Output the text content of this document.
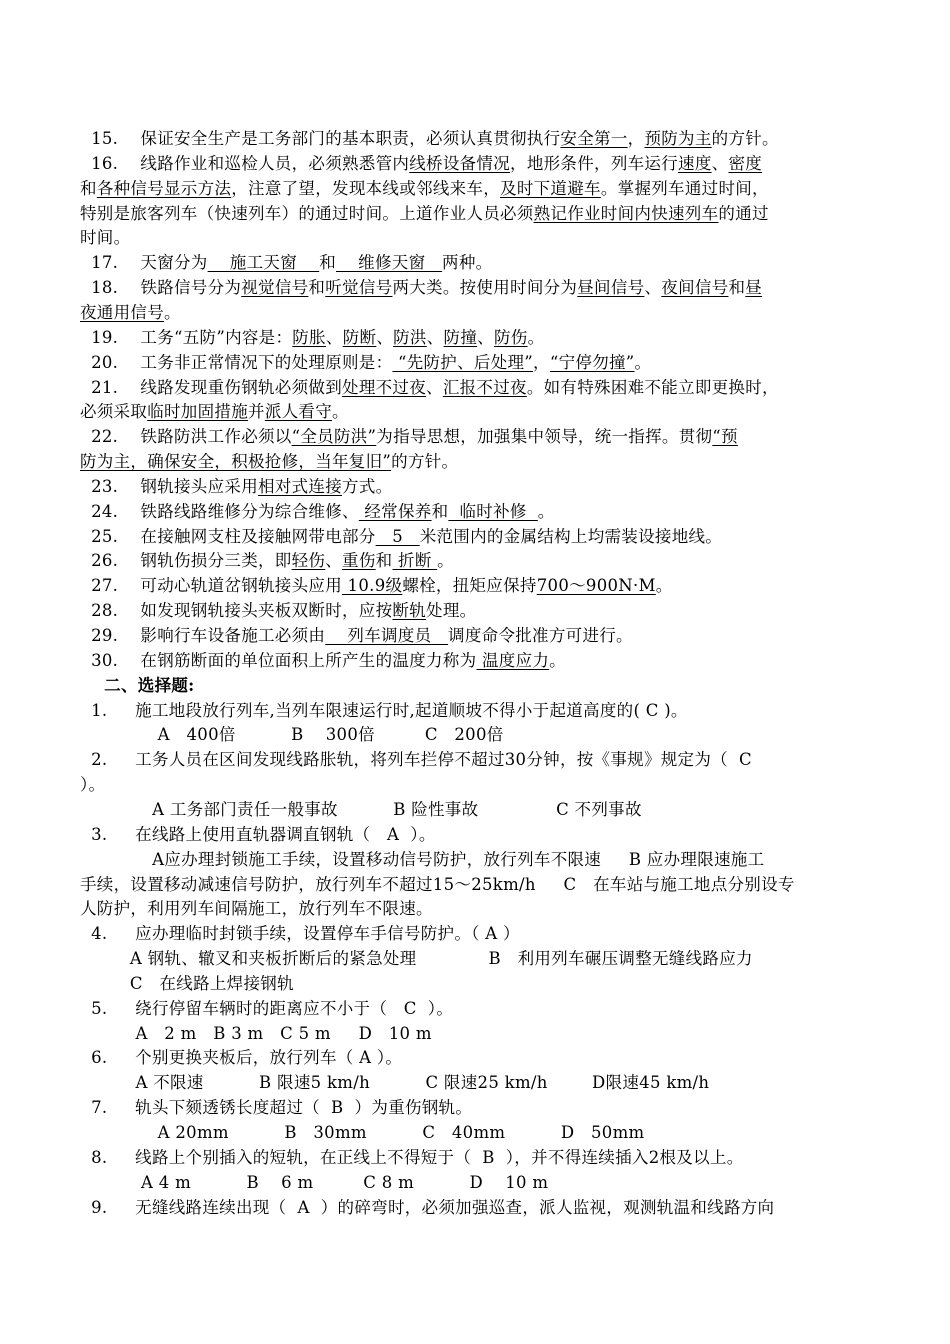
15.    保证安全生产是工务部门的基本职责，必须认真贯彻执行安全第一，预防为主的方针。
16.    线路作业和巡检人员，必须熟悉管内线桥设备情况，地形条件，列车运行速度、密度
和各种信号显示方法，注意了望，发现本线或邻线来车，及时下道避车。掌握列车通过时间，
特别是旅客列车（快速列车）的通过时间。上道作业人员必须熟记作业时间内快速列车的通过
时间。
17.    天窗分为    施工天窗    和    维修天窗   两种。
18.    铁路信号分为视觉信号和听觉信号两大类。按使用时间分为昼间信号、夜间信号和昼
夜通用信号。
19.    工务“五防”内容是：防胀、防断、防洪、防撞、防伤。
20.    工务非正常情况下的处理原则是： “先防护、后处理”，“宁停勿撞”。
21.    线路发现重伤钢轨必须做到处理不过夜、汇报不过夜。如有特殊困难不能立即更换时，
必须采取临时加固措施并派人看守。
22.    铁路防洪工作必须以“全员防洪”为指导思想，加强集中领导，统一指挥。贯彻“预
防为主，确保安全，积极抢修，当年复旧”的方针。
23.    钢轨接头应采用相对式连接方式。
24.    铁路线路维修分为综合维修、 经常保养和  临时补修  。
25.    在接触网支柱及接触网带电部分   5   米范围内的金属结构上均需装设接地线。
26.    钢轨伤损分三类，即轻伤、重伤和 折断 。
27.    可动心轨道岔钢轨接头应用 10.9级螺栓，扭矩应保持700～900N·M。
28.    如发现钢轨接头夹板双断时，应按断轨处理。
29.    影响行车设备施工必须由    列车调度员   调度命令批准方可进行。
30.    在钢筋断面的单位面积上所产生的温度力称为 温度应力。
二、选择题:
1.     施工地段放行列车,当列车限速运行时,起道顺坡不得小于起道高度的( C )。
A   400倍          B    300倍         C   200倍
2.     工务人员在区间发现线路胀轨，将列车拦停不超过30分钟，按《事规》规定为（  C
）。
A 工务部门责任一般事故          B 险性事故              C 不列事故
3.     在线路上使用直轨器调直钢轨（   A  ）。
A应办理封锁施工手续，设置移动信号防护，放行列车不限速     B 应办理限速施工
手续，设置移动减速信号防护，放行列车不超过15～25km/h     C   在车站与施工地点分别设专
人防护，利用列车间隔施工，放行列车不限速。
4.     应办理临时封锁手续，设置停车手信号防护。（ A ）
A 钢轨、辙叉和夹板折断后的紧急处理             B   利用列车碾压调整无缝线路应力
C   在线路上焊接钢轨
5.     绕行停留车辆时的距离应不小于（   C  ）。
A   2 m   B 3 m   C 5 m     D   10 m
6.     个别更换夹板后，放行列车（ A ）。
A 不限速          B 限速5 km/h          C 限速25 km/h        D限速45 km/h
7.     轨头下颏透锈长度超过（  B  ）为重伤钢轨。
A 20mm          B   30mm          C   40mm          D   50mm
8.     线路上个别插入的短轨，在正线上不得短于（  B  ），并不得连续插入2根及以上。
A 4 m          B    6 m         C 8 m          D    10 m
9.     无缝线路连续出现（  A  ）的碎弯时，必须加强巡查，派人监视，观测轨温和线路方向
